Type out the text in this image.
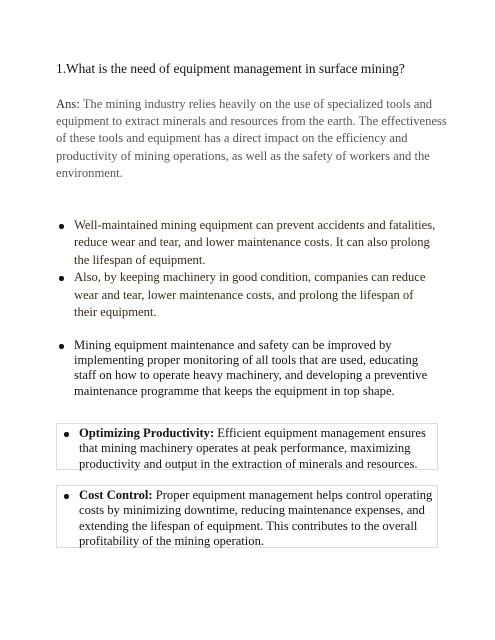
1.What is the need of equipment management in surface mining?
Ans: The mining industry relies heavily on the use of specialized tools and equipment to extract minerals and resources from the earth. The effectiveness of these tools and equipment has a direct impact on the efficiency and productivity of mining operations, as well as the safety of workers and the environment.
Well-maintained mining equipment can prevent accidents and fatalities, reduce wear and tear, and lower maintenance costs. It can also prolong the lifespan of equipment.
Also, by keeping machinery in good condition, companies can reduce wear and tear, lower maintenance costs, and prolong the lifespan of their equipment.
Mining equipment maintenance and safety can be improved by implementing proper monitoring of all tools that are used, educating staff on how to operate heavy machinery, and developing a preventive maintenance programme that keeps the equipment in top shape.
Optimizing Productivity: Efficient equipment management ensures that mining machinery operates at peak performance, maximizing productivity and output in the extraction of minerals and resources.
Cost Control: Proper equipment management helps control operating costs by minimizing downtime, reducing maintenance expenses, and extending the lifespan of equipment. This contributes to the overall profitability of the mining operation.
